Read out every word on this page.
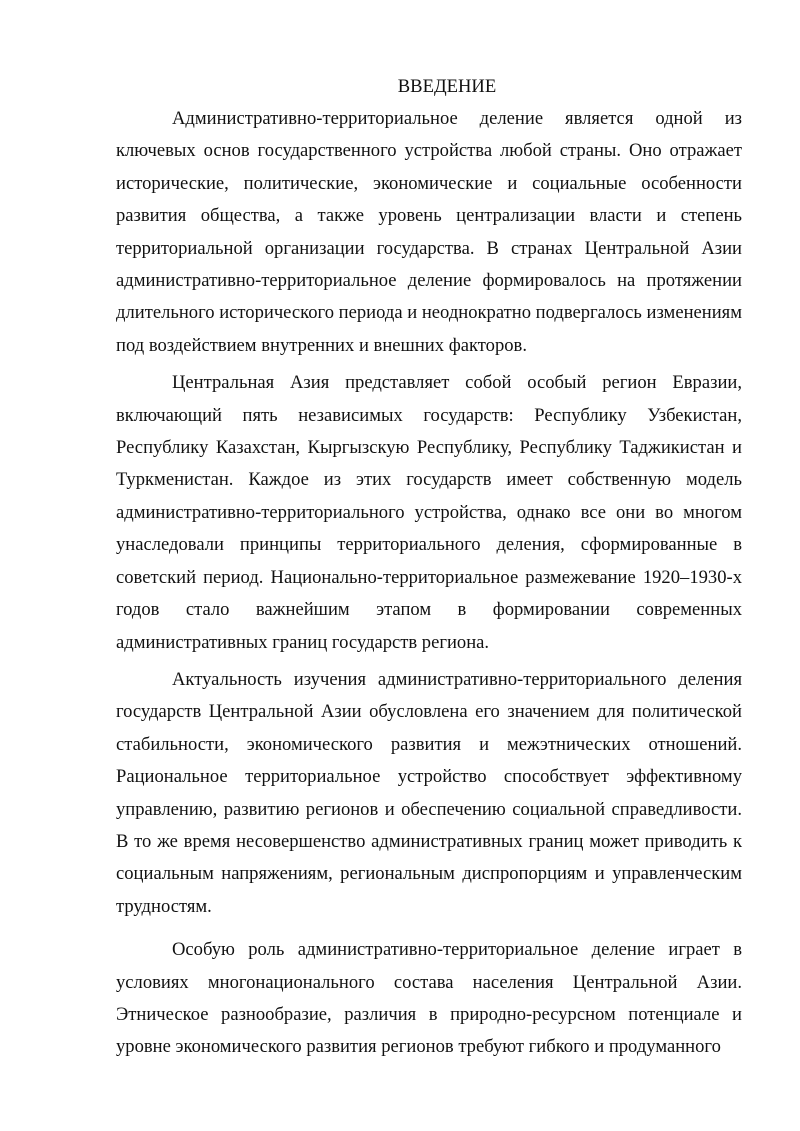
ВВЕДЕНИЕ

Административно-территориальное деление является одной из ключевых основ государственного устройства любой страны. Оно отражает исторические, политические, экономические и социальные особенности развития общества, а также уровень централизации власти и степень территориальной организации государства. В странах Центральной Азии административно-территориальное деление формировалось на протяжении длительного исторического периода и неоднократно подвергалось изменениям под воздействием внутренних и внешних факторов.

Центральная Азия представляет собой особый регион Евразии, включающий пять независимых государств: Республику Узбекистан, Республику Казахстан, Кыргызскую Республику, Республику Таджикистан и Туркменистан. Каждое из этих государств имеет собственную модель административно-территориального устройства, однако все они во многом унаследовали принципы территориального деления, сформированные в советский период. Национально-территориальное размежевание 1920–1930-х годов стало важнейшим этапом в формировании современных административных границ государств региона.

Актуальность изучения административно-территориального деления государств Центральной Азии обусловлена его значением для политической стабильности, экономического развития и межэтнических отношений. Рациональное территориальное устройство способствует эффективному управлению, развитию регионов и обеспечению социальной справедливости. В то же время несовершенство административных границ может приводить к социальным напряжениям, региональным диспропорциям и управленческим трудностям.

Особую роль административно-территориальное деление играет в условиях многонационального состава населения Центральной Азии. Этническое разнообразие, различия в природно-ресурсном потенциале и уровне экономического развития регионов требуют гибкого и продуманного
